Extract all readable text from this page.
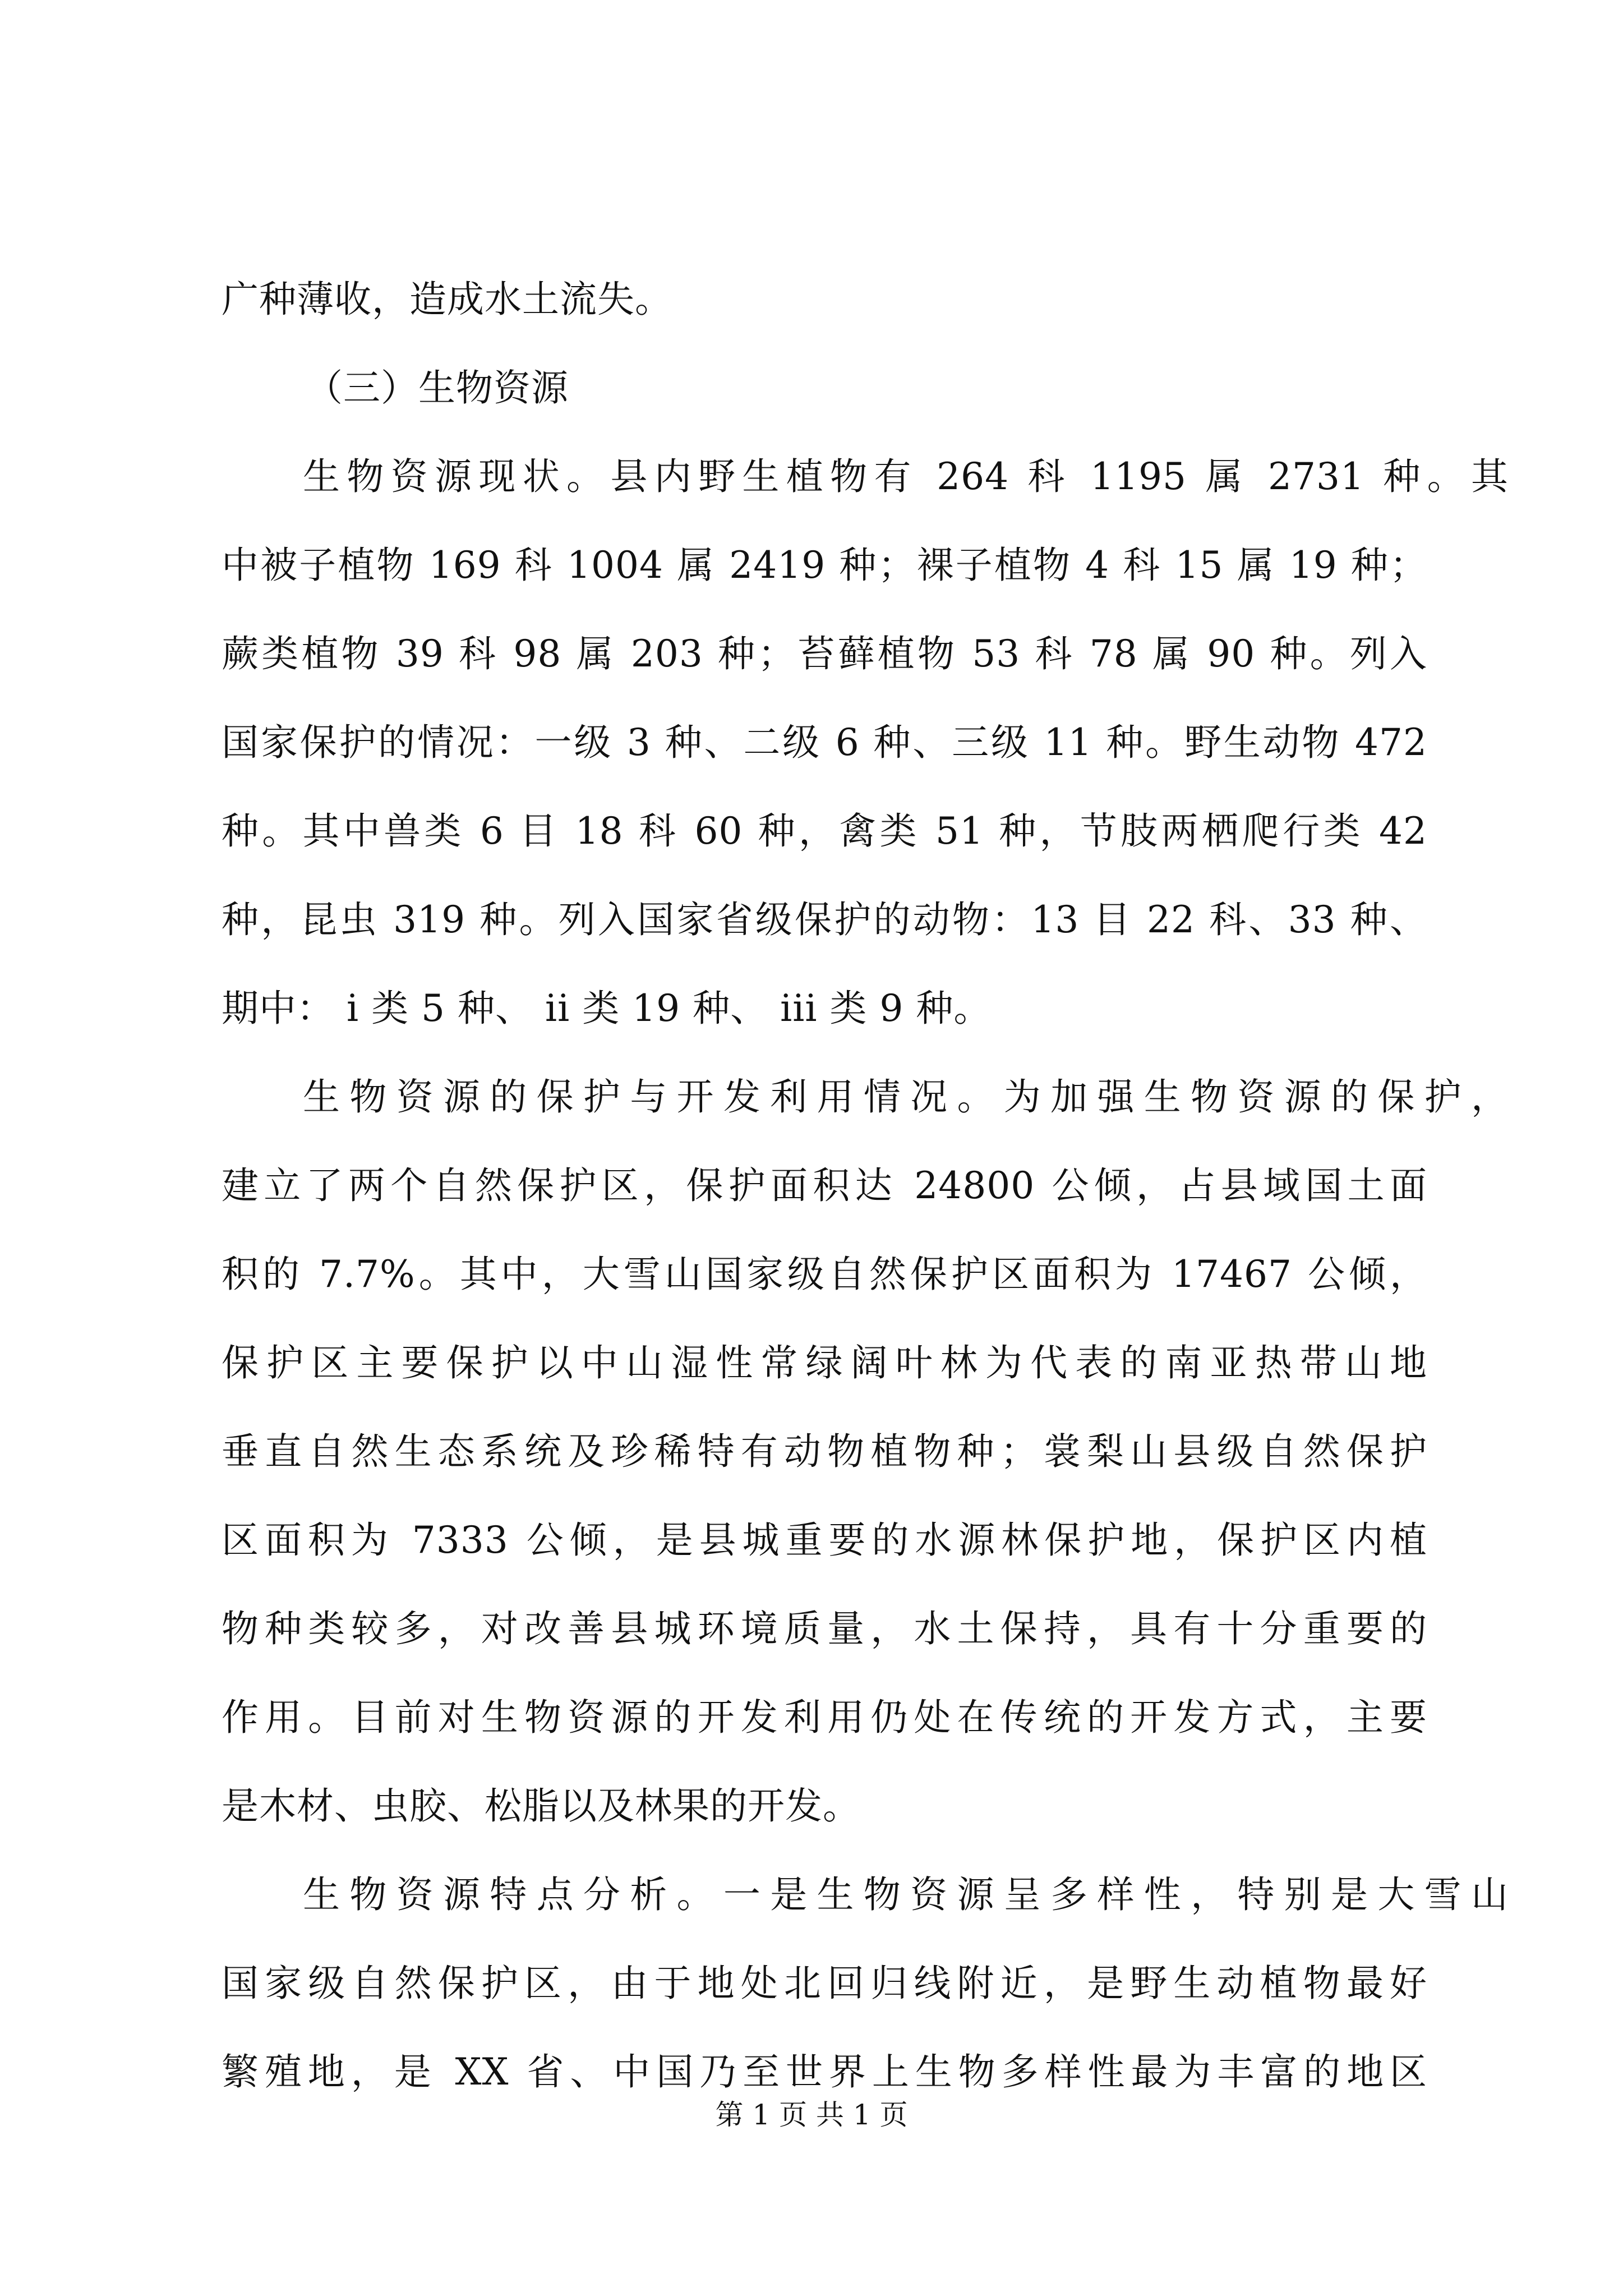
广种薄收，造成水土流失。
（三）生物资源
生物资源现状。县内野生植物有 264 科 1195 属 2731 种。其
中被子植物 169 科 1004 属 2419 种；裸子植物 4 科 15 属 19 种；
蕨类植物 39 科 98 属 203 种；苔藓植物 53 科 78 属 90 种。列入
国家保护的情况：一级 3 种、二级 6 种、三级 11 种。野生动物 472
种。其中兽类 6 目 18 科 60 种，禽类 51 种，节肢两栖爬行类 42
种，昆虫 319 种。列入国家省级保护的动物：13 目 22 科、33 种、
期中： i 类 5 种、 ii 类 19 种、 iii 类 9 种。
生物资源的保护与开发利用情况。为加强生物资源的保护，
建立了两个自然保护区，保护面积达 24800 公倾，占县域国土面
积的 7.7%。其中，大雪山国家级自然保护区面积为 17467 公倾，
保护区主要保护以中山湿性常绿阔叶林为代表的南亚热带山地
垂直自然生态系统及珍稀特有动物植物种；裳梨山县级自然保护
区面积为 7333 公倾，是县城重要的水源林保护地，保护区内植
物种类较多，对改善县城环境质量，水土保持，具有十分重要的
作用。目前对生物资源的开发利用仍处在传统的开发方式，主要
是木材、虫胶、松脂以及林果的开发。
生物资源特点分析。一是生物资源呈多样性，特别是大雪山
国家级自然保护区，由于地处北回归线附近，是野生动植物最好
繁殖地，是 XX 省、中国乃至世界上生物多样性最为丰富的地区
第 1 页 共 1 页
